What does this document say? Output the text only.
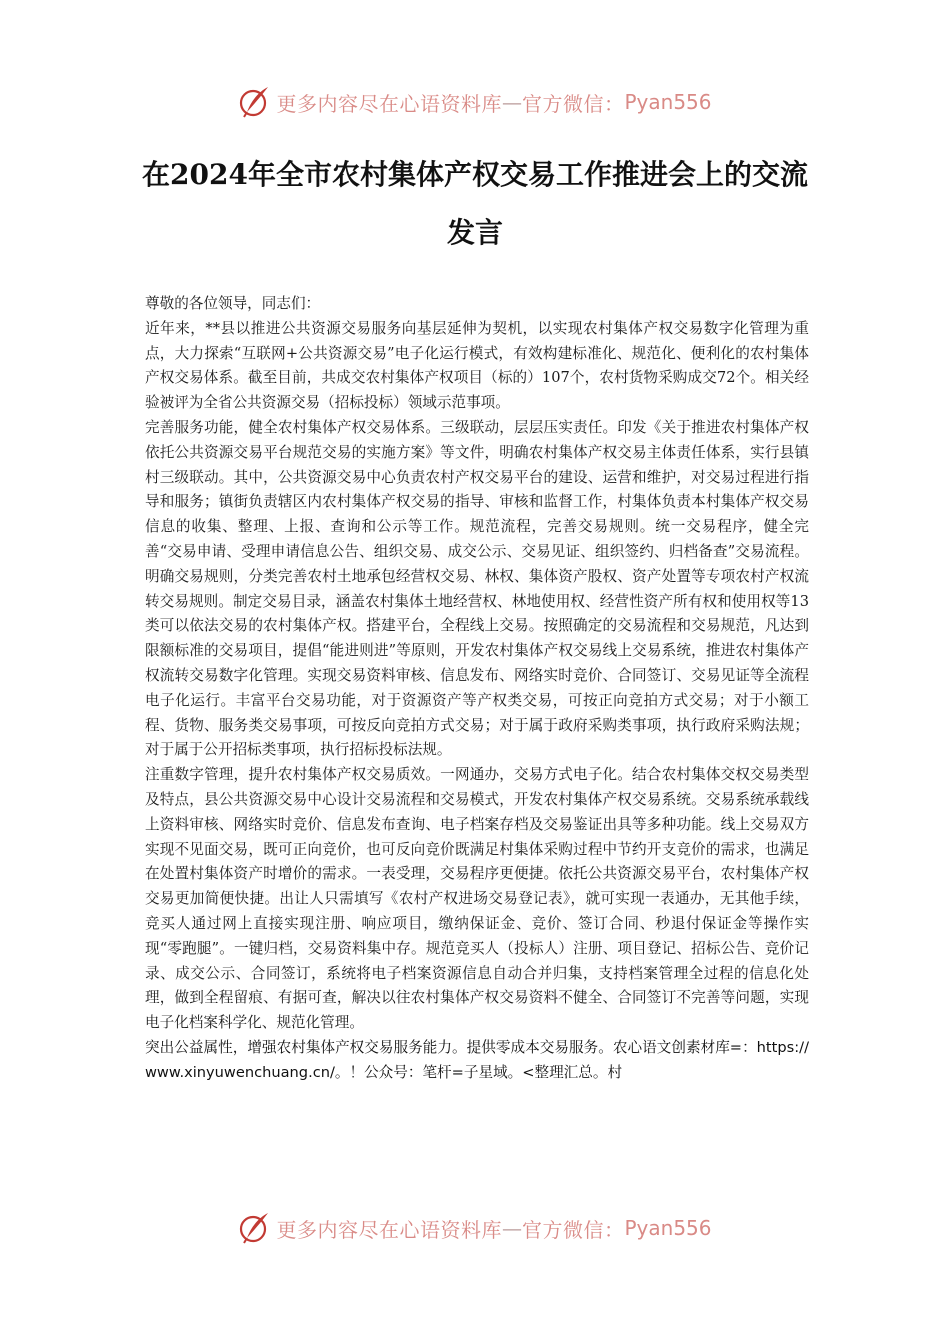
更多内容尽在心语资料库 — 官方微信： Pyan556
在2024年全市农村集体产权交易工作推进会上的交流发言

尊敬的各位领导，同志们：

近年来，**县以推进公共资源交易服务向基层延伸为契机，以实现农村集体产权交易数字化管理为重点，大力探索“互联网+公共资源交易”电子化运行模式，有效构建标准化、规范化、便利化的农村集体产权交易体系。截至目前，共成交农村集体产权项目（标的）107个，农村货物采购成交72个。相关经验被评为全省公共资源交易（招标投标）领域示范事项。

完善服务功能，健全农村集体产权交易体系。三级联动，层层压实责任。印发《关于推进农村集体产权依托公共资源交易平台规范交易的实施方案》等文件，明确农村集体产权交易主体责任体系，实行县镇村三级联动。其中，公共资源交易中心负责农村产权交易平台的建设、运营和维护，对交易过程进行指导和服务；镇街负责辖区内农村集体产权交易的指导、审核和监督工作，村集体负责本村集体产权交易信息的收集、整理、上报、查询和公示等工作。规范流程，完善交易规则。统一交易程序，健全完善“交易申请、受理申请信息公告、组织交易、成交公示、交易见证、组织签约、归档备查”交易流程。明确交易规则，分类完善农村土地承包经营权交易、林权、集体资产股权、资产处置等专项农村产权流转交易规则。制定交易目录，涵盖农村集体土地经营权、林地使用权、经营性资产所有权和使用权等13类可以依法交易的农村集体产权。搭建平台，全程线上交易。按照确定的交易流程和交易规范，凡达到限额标准的交易项目，提倡“能进则进”等原则，开发农村集体产权交易线上交易系统，推进农村集体产权流转交易数字化管理。实现交易资料审核、信息发布、网络实时竞价、合同签订、交易见证等全流程电子化运行。丰富平台交易功能，对于资源资产等产权类交易，可按正向竞拍方式交易；对于小额工程、货物、服务类交易事项，可按反向竞拍方式交易；对于属于政府采购类事项，执行政府采购法规；对于属于公开招标类事项，执行招标投标法规。

注重数字管理，提升农村集体产权交易质效。一网通办，交易方式电子化。结合农村集体交权交易类型及特点，县公共资源交易中心设计交易流程和交易模式，开发农村集体产权交易系统。交易系统承载线上资料审核、网络实时竞价、信息发布查询、电子档案存档及交易鉴证出具等多种功能。线上交易双方实现不见面交易，既可正向竞价，也可反向竞价既满足村集体采购过程中节约开支竞价的需求，也满足在处置村集体资产时增价的需求。一表受理，交易程序更便捷。依托公共资源交易平台，农村集体产权交易更加简便快捷。出让人只需填写《农村产权进场交易登记表》，就可实现一表通办，无其他手续，竞买人通过网上直接实现注册、响应项目，缴纳保证金、竞价、签订合同、秒退付保证金等操作实现“零跑腿”。一键归档，交易资料集中存。规范竞买人（投标人）注册、项目登记、招标公告、竞价记录、成交公示、合同签订，系统将电子档案资源信息自动合并归集，支持档案管理全过程的信息化处理，做到全程留痕、有据可查，解决以往农村集体产权交易资料不健全、合同签订不完善等问题，实现电子化档案科学化、规范化管理。

突出公益属性，增强农村集体产权交易服务能力。提供零成本交易服务。农心语文创素材库=：https://www.xinyuwenchuang.cn/。！公众号：笔杆=子星域。<整理汇总。村

更多内容尽在心语资料库 — 官方微信： Pyan556
